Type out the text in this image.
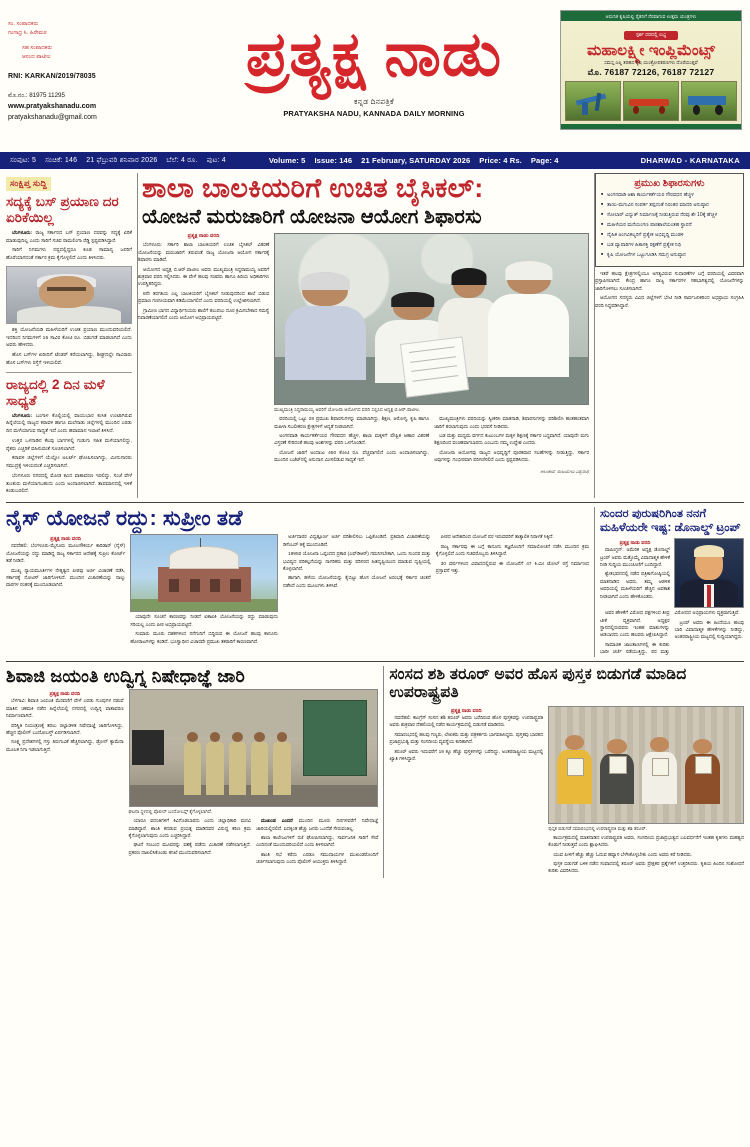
ಸಂ. ಸಂಪಾದಕರು
ಗಂಗಾಧ್ರ ಸಿ. ಹಿರೇಮಠ
ಸಹ ಸಂಪಾದಕರು
ಆನಂದ ಪಾಟೀಲ
RNI: KARKAN/2019/78035
ಮೊ.ನಂ.: 81975 11295
www.pratyakshanadu.com
pratyakshanadu@gmail.com
ಪ್ರತ್ಯಕ್ಷ ನಾಡು
ಕನ್ನಡ ದಿನಪತ್ರಿಕೆ
PRATYAKSHA NADU, KANNADA DAILY MORNING
ಆಧುನಿಕ ಕೃಷಿಯಲ್ಲಿ ರೈತನಿಗೆ ನೆರವಾಗುವ ಉತ್ತಮ ಯಂತ್ರಗಳು
ಸ್ಪರ್ಶ ದರದಲ್ಲಿ ಲಭ್ಯ
ಮಹಾಲಕ್ಷ್ಮೀ ಇಂಪ್ಲಿಮೆಂಟ್ಸ್
ಸಮಸ್ತ ಎಲ್ಲ ತರಹದ ಕೃಷಿ ಯಂತ್ರೋಪಕರಣಗಳು ದೊರೆಯುತ್ತವೆ
ಮೊ. 76187 72126, 76187 72127
ಸಂಪುಟ: 5 ಸಂಚಿಕೆ: 146 21 ಫೆಬ್ರುವರಿ ಶನಿವಾರ 2026 ಬೆಲೆ: 4 ರೂ. ಪುಟ: 4	Volume: 5 Issue: 146 21 February, SATURDAY 2026 Price: 4 Rs. Page: 4	DHARWAD - KARNATAKA
ಸಂಕ್ಷಿಪ್ತ ಸುದ್ದಿ
ಸದ್ಯಕ್ಕೆ ಬಸ್ ಪ್ರಯಾಣ ದರ ಏರಿಕೆಯಿಲ್ಲ

ಬೆಂಗಳೂರು: ರಾಜ್ಯ ಸರ್ಕಾರದ ಬಸ್ ಪ್ರಯಾಣ ದರವನ್ನು ಸದ್ಯಕ್ಕೆ ಏರಿಕೆ ಮಾಡುವುದಿಲ್ಲ ಎಂದು ಸಾರಿಗೆ ಸಚಿವ ರಾಮಲಿಂಗಾ ರೆಡ್ಡಿ ಸ್ಪಷ್ಟಪಡಿಸಿದ್ದಾರೆ.

ಸಾರಿಗೆ ನಿಗಮಗಳು ನಷ್ಟದಲ್ಲಿದ್ದರೂ ಕೂಡ ಸಾಮಾನ್ಯ ಜನರಿಗೆ ಹೊರೆಯಾಗದಂತೆ ಸರ್ಕಾರ ಕ್ರಮ ಕೈಗೊಳ್ಳಲಿದೆ ಎಂದು ತಿಳಿಸಿದರು.

ಶಕ್ತಿ ಯೋಜನೆಯಡಿ ಮಹಿಳೆಯರಿಗೆ ಉಚಿತ ಪ್ರಯಾಣ ಮುಂದುವರಿಯಲಿದೆ. ಇದರಿಂದ ನಿಗಮಗಳಿಗೆ 15 ಸಾವಿರ ಕೋಟಿ ರೂ. ಬಿಡುಗಡೆ ಮಾಡಲಾಗಿದೆ ಎಂದು ಅವರು ಹೇಳಿದರು.

ಹೊಸ ಬಸ್‌ಗಳ ಖರೀದಿಗೆ ಟೆಂಡರ್ ಕರೆಯಲಾಗಿದ್ದು, ಶೀಘ್ರದಲ್ಲೇ ಸಾವಿರಾರು ಹೊಸ ಬಸ್‌ಗಳು ರಸ್ತೆಗೆ ಇಳಿಯಲಿವೆ.

ರಾಜ್ಯದಲ್ಲಿ 2 ದಿನ ಮಳೆ ಸಾಧ್ಯತೆ

ಬೆಂಗಳೂರು: ಬಂಗಾಳ ಕೊಲ್ಲಿಯಲ್ಲಿ ವಾಯುಭಾರ ಕುಸಿತ ಉಂಟಾಗಿರುವ ಹಿನ್ನೆಲೆಯಲ್ಲಿ ರಾಜ್ಯದ ಕರಾವಳಿ ಹಾಗೂ ಮಲೆನಾಡು ಜಿಲ್ಲೆಗಳಲ್ಲಿ ಮುಂದಿನ ಎರಡು ದಿನ ಮಳೆಯಾಗುವ ಸಾಧ್ಯತೆ ಇದೆ ಎಂದು ಹವಾಮಾನ ಇಲಾಖೆ ತಿಳಿಸಿದೆ.

ಉತ್ತರ ಒಳನಾಡಿನ ಕೆಲವು ಭಾಗಗಳಲ್ಲಿ ಗುಡುಗು ಸಹಿತ ಮಳೆಯಾಗಲಿದ್ದು, ರೈತರು ಎಚ್ಚರಿಕೆ ವಹಿಸುವಂತೆ ಸೂಚಿಸಲಾಗಿದೆ.

ಕರಾವಳಿ ಜಿಲ್ಲೆಗಳಿಗೆ ಯೆಲ್ಲೋ ಅಲರ್ಟ್ ಘೋಷಿಸಲಾಗಿದ್ದು, ಮೀನುಗಾರರು ಸಮುದ್ರಕ್ಕೆ ಇಳಿಯದಂತೆ ಎಚ್ಚರಿಸಲಾಗಿದೆ.

ಬೆಂಗಳೂರು ನಗರದಲ್ಲಿ ಮೋಡ ಕವಿದ ವಾತಾವರಣ ಇರಲಿದ್ದು, ಸಂಜೆ ವೇಳೆ ತುಂತುರು ಮಳೆಯಾಗಬಹುದು ಎಂದು ಅಂದಾಜಿಸಲಾಗಿದೆ. ತಾಪಮಾನದಲ್ಲಿ ಇಳಿಕೆ ಕಂಡುಬರಲಿದೆ.

ಶಾಲಾ ಬಾಲಕಿಯರಿಗೆ ಉಚಿತ ಬೈಸಿಕಲ್:
ಯೋಜನೆ ಮರುಜಾರಿಗೆ ಯೋಜನಾ ಆಯೋಗ ಶಿಫಾರಸು
ಪ್ರತ್ಯಕ್ಷ ನಾಡು ವರದಿ

ಬೆಂಗಳೂರು: ಸರ್ಕಾರಿ ಶಾಲಾ ಬಾಲಕಿಯರಿಗೆ ಉಚಿತ ಬೈಸಿಕಲ್ ವಿತರಣೆ ಯೋಜನೆಯನ್ನು ಮರುಜಾರಿಗೆ ತರುವಂತೆ ರಾಜ್ಯ ಯೋಜನಾ ಆಯೋಗ ಸರ್ಕಾರಕ್ಕೆ ಶಿಫಾರಸು ಮಾಡಿದೆ.

ಆಯೋಗದ ಅಧ್ಯಕ್ಷ ಬಿ.ಆರ್.ಪಾಟೀಲ ಅವರು ಮುಖ್ಯಮಂತ್ರಿ ಸಿದ್ದರಾಮಯ್ಯ ಅವರಿಗೆ ಶುಕ್ರವಾರ ವರದಿ ಸಲ್ಲಿಸಿದರು. ಈ ವೇಳೆ ಹಲವು ಸಚಿವರು ಹಾಗೂ ಹಿರಿಯ ಅಧಿಕಾರಿಗಳು ಉಪಸ್ಥಿತರಿದ್ದರು.

8ನೇ ತರಗತಿಯ ಎಲ್ಲ ಬಾಲಕಿಯರಿಗೆ ಬೈಸಿಕಲ್ ನೀಡುವುದರಿಂದ ಶಾಲೆ ಬಿಡುವ ಪ್ರಮಾಣ ಗಣನೀಯವಾಗಿ ಕಡಿಮೆಯಾಗಲಿದೆ ಎಂದು ವರದಿಯಲ್ಲಿ ಉಲ್ಲೇಖಿಸಲಾಗಿದೆ.

ಗ್ರಾಮೀಣ ಭಾಗದ ವಿದ್ಯಾರ್ಥಿನಿಯರು ಶಾಲೆಗೆ ತಲುಪಲು ದೂರ ಕ್ರಮಿಸಬೇಕಾದ ಸಮಸ್ಯೆ ನಿವಾರಣೆಯಾಗಲಿದೆ ಎಂದು ಆಯೋಗ ಅಭಿಪ್ರಾಯಪಟ್ಟಿದೆ.

ಮುಖ್ಯಮಂತ್ರಿ ಸಿದ್ದರಾಮಯ್ಯ ಅವರಿಗೆ ಯೋಜನಾ ಆಯೋಗದ ವರದಿ ಸಲ್ಲಿಸಿದ ಅಧ್ಯಕ್ಷ ಬಿ.ಆರ್.ಪಾಟೀಲ.

ವರದಿಯಲ್ಲಿ ಒಟ್ಟು 28 ಪ್ರಮುಖ ಶಿಫಾರಸುಗಳನ್ನು ಮಾಡಲಾಗಿದ್ದು, ಶಿಕ್ಷಣ, ಆರೋಗ್ಯ, ಕೃಷಿ ಹಾಗೂ ಮಹಿಳಾ ಸಬಲೀಕರಣ ಕ್ಷೇತ್ರಗಳಿಗೆ ಆದ್ಯತೆ ನೀಡಲಾಗಿದೆ.

ಅಂಗನವಾಡಿ ಕಾರ್ಯಕರ್ತೆಯರ ಗೌರವಧನ ಹೆಚ್ಚಳ, ಶಾಲಾ ಮಕ್ಕಳಿಗೆ ಪೌಷ್ಟಿಕ ಆಹಾರ ವಿತರಣೆ ವಿಸ್ತರಣೆ ಸೇರಿದಂತೆ ಹಲವು ಅಂಶಗಳನ್ನು ವರದಿ ಒಳಗೊಂಡಿದೆ.

ಯೋಜನೆ ಜಾರಿಗೆ ಅಂದಾಜು 450 ಕೋಟಿ ರೂ. ವೆಚ್ಚವಾಗಲಿದೆ ಎಂದು ಅಂದಾಜಿಸಲಾಗಿದ್ದು, ಮುಂದಿನ ಬಜೆಟ್‌ನಲ್ಲಿ ಅನುದಾನ ಮೀಸಲಿಡುವ ಸಾಧ್ಯತೆ ಇದೆ.

ಮುಖ್ಯಮಂತ್ರಿಗಳು ವರದಿಯನ್ನು ಸ್ವೀಕರಿಸಿ ಮಾತನಾಡಿ, ಶಿಫಾರಸುಗಳನ್ನು ಪರಿಶೀಲಿಸಿ ಹಂತಹಂತವಾಗಿ ಜಾರಿಗೆ ತರಲಾಗುವುದು ಎಂದು ಭರವಸೆ ನೀಡಿದರು.

ಬಡ ಮತ್ತು ಮಧ್ಯಮ ವರ್ಗದ ಕುಟುಂಬಗಳ ಮಕ್ಕಳ ಶಿಕ್ಷಣಕ್ಕೆ ಸರ್ಕಾರ ಬದ್ಧವಾಗಿದೆ. ಯಾವುದೇ ಮಗು ಶಿಕ್ಷಣದಿಂದ ವಂಚಿತವಾಗಬಾರದು ಎಂಬುದು ನಮ್ಮ ಉದ್ದೇಶ ಎಂದರು.

ಯೋಜನಾ ಆಯೋಗವು ರಾಜ್ಯದ ಅಭಿವೃದ್ಧಿಗೆ ಪೂರಕವಾದ ಸಲಹೆಗಳನ್ನು ನೀಡುತ್ತಿದ್ದು, ಸರ್ಕಾರ ಅವುಗಳನ್ನು ಗಂಭೀರವಾಗಿ ಪರಿಗಣಿಸಲಿದೆ ಎಂದು ಸ್ಪಷ್ಟಪಡಿಸಿದರು.

ಆಲಂಕಾರ: ಸಂಜಯಗಿರಿ ವಿಶ್ವನಾಥ
ಪ್ರಮುಖ ಶಿಫಾರಸುಗಳು
■ ಅಂಗನವಾಡಿ ಆಶಾ ಕಾರ್ಯಕರ್ತೆಯರ ಗೌರವಧನ ಹೆಚ್ಚಳ
■ ತಾಯಿ-ಮಗುವಿನ ಸಂಪರ್ಕ ತಪ್ಪದಂತೆ ನಿರಂತರ ಮಾದರಿ ಅನುಷ್ಠಾನ
■ ಸೋಲಾರ್ ವಿದ್ಯುತ್ ನಿರ್ಮಾಣಕ್ಕೆ ನೀಡುತ್ತಿರುವ ನೆರವು ಶೇ 10ಕ್ಕೆ ಹೆಚ್ಚಳ
■ ಮಹಿಳೆಯರ ಮನೆಯಂಗಣ ಪಾಠಶಾಲೆಯಂತಹ ಸ್ಥಾಪನೆ
■ ದೈಹಿಕ ಅಂಗವಿಕಲ್ಯರಿಗೆ ಪ್ರತ್ಯೇಕ ಅಭಿವೃದ್ಧಿ ಮಂಡಳಿ
■ ಬಡ ವ್ಯಾಪಾರಿಗಳ ಹಿತಾಸಕ್ತಿ ರಕ್ಷಣೆಗೆ ಪ್ರತ್ಯೇಕ ನಿಧಿ
■ ಕೃಷಿ ಯೋಜನೆಗಳ ಒಟ್ಟುಗೂಡಿಸಿ ಸಮಗ್ರ ಅನುಷ್ಠಾನ

ಇತರೆ ಹಲವು ಕ್ಷೇತ್ರಗಳಲ್ಲಿಯೂ ಅಗತ್ಯವಿರುವ ಸುಧಾರಣೆಗಳ ಬಗ್ಗೆ ವರದಿಯಲ್ಲಿ ವಿವರವಾಗಿ ಪ್ರಸ್ತಾಪಿಸಲಾಗಿದೆ. ಕೇಂದ್ರ ಹಾಗೂ ರಾಜ್ಯ ಸರ್ಕಾರಗಳ ಸಹಭಾಗಿತ್ವದಲ್ಲಿ ಯೋಜನೆಗಳನ್ನು ಜಾರಿಗೊಳಿಸಲು ಸೂಚಿಸಲಾಗಿದೆ.

ಆಯೋಗದ ಸದಸ್ಯರು ವಿವಿಧ ಜಿಲ್ಲೆಗಳಿಗೆ ಭೇಟಿ ನೀಡಿ ಸಾರ್ವಜನಿಕರಿಂದ ಅಭಿಪ್ರಾಯ ಸಂಗ್ರಹಿಸಿ ವರದಿ ಸಿದ್ಧಪಡಿಸಿದ್ದಾರೆ.

ನೈಸ್ ಯೋಜನೆ ರದ್ದು: ಸುಪ್ರೀಂ ತಡೆ
ಪ್ರತ್ಯಕ್ಷ ನಾಡು ವರದಿ

ನವದೆಹಲಿ: ಬೆಂಗಳೂರು-ಮೈಸೂರು ಮೂಲಸೌಕರ್ಯ ಕಾರಿಡಾರ್ (ನೈಸ್) ಯೋಜನೆಯನ್ನು ರದ್ದು ಮಾಡಿದ್ದ ರಾಜ್ಯ ಸರ್ಕಾರದ ಆದೇಶಕ್ಕೆ ಸುಪ್ರೀಂ ಕೋರ್ಟ್ ತಡೆ ನೀಡಿದೆ.

ಮುಖ್ಯ ನ್ಯಾಯಮೂರ್ತಿಗಳ ನೇತೃತ್ವದ ಪೀಠವು ಅರ್ಜಿ ವಿಚಾರಣೆ ನಡೆಸಿ, ಸರ್ಕಾರಕ್ಕೆ ನೋಟಿಸ್ ಜಾರಿಗೊಳಿಸಿದೆ. ಮುಂದಿನ ವಿಚಾರಣೆಯನ್ನು ನಾಲ್ಕು ವಾರಗಳ ನಂತರಕ್ಕೆ ಮುಂದೂಡಲಾಗಿದೆ.

ಯಾವುದೇ ಸೂಚನೆ ಕಾರಣವನ್ನು ನೀಡದೆ ಏಕಾಏಕಿ ಯೋಜನೆಯನ್ನು ರದ್ದು ಮಾಡುವುದು ಸರಿಯಲ್ಲ ಎಂದು ಪೀಠ ಅಭಿಪ್ರಾಯಪಟ್ಟಿದೆ.

ಸುಮಾರು ಮೂರು ದಶಕಗಳಿಂದ ನನೆಗುದಿಗೆ ಬಿದ್ದಿರುವ ಈ ಯೋಜನೆ ಹಲವು ಕಾನೂನು ಹೋರಾಟಗಳನ್ನು ಕಂಡಿದೆ. ಭೂಸ್ವಾಧೀನ ವಿಚಾರವೇ ಪ್ರಮುಖ ತಕರಾರಿಗೆ ಕಾರಣವಾಗಿದೆ.

ಅರ್ಜಿದಾರರ ವಿದ್ವತ್ಪೂರ್ಣ ಅರ್ಜಿ ಪರಿಶೀಲಿಸಲು ಒಪ್ಪಿಕೊಂಡಿದೆ. ಪ್ರತಿವಾದಿ ವಿಚಾರಣೆಯನ್ನು ಡಿಸೆಂಬರ್ 9ಕ್ಕೆ ಮುಂದೂಡಿದೆ.

1995ರ ಯೋಜನಾ ಒಪ್ಪಂದದ ಪ್ರಕಾರ (ಎಫ್‌ಡಿಆರ್) ಗಮನಿಸಬೇಕಾಗಿ, ಒಂದು ಸುಂದರ ಮತ್ತು ಭವಿಷ್ಯದ ಪರಿಕಲ್ಪನೆಯನ್ನು ನಾಗರಿಕರು ಮತ್ತು ಪರಿಸರದ ಹಿತದೃಷ್ಟಿಯಿಂದ ಮಾಡುವ ದೃಷ್ಟಿಯಲ್ಲಿ ಕೊಳ್ಳಲಾಗಿದೆ.

ಹಾಗಾಗಿ, ಹಳೆಯ ಯೋಜನೆಯನ್ನು ಕೈಬಿಟ್ಟು ಹೊಸ ಯೋಜನೆ ಅರಂಭಕ್ಕೆ ಸರ್ಕಾರ ಚಿಂತನೆ ನಡೆಸಿದೆ ಎಂದು ಮೂಲಗಳು ತಿಳಿಸಿವೆ.

ಪೀಠದ ಆದೇಶದಿಂದ ಯೋಜನೆ ಪರ ಇರುವವರಿಗೆ ತಾತ್ಕಾಲಿಕ ನಿರಾಳತೆ ಸಿಕ್ಕಿದೆ.

ರಾಜ್ಯ ಸರ್ಕಾರವು ಈ ಬಗ್ಗೆ ಕಾನೂನು ತಜ್ಞರೊಂದಿಗೆ ಸಮಾಲೋಚನೆ ನಡೆಸಿ ಮುಂದಿನ ಕ್ರಮ ಕೈಗೊಳ್ಳಲಿದೆ ಎಂದು ಸಚಿವರೊಬ್ಬರು ತಿಳಿಸಿದ್ದಾರೆ.

30 ವರ್ಷಗಳಿಂದ ವಿವಾದದಲ್ಲಿರುವ ಈ ಯೋಜನೆಗೆ 47 ಕಿ.ಮೀ ಟೋಲ್ ರಸ್ತೆ ನಿರ್ಮಾಣದ ಪ್ರಸ್ತಾವನೆ ಇತ್ತು.

ಸುಂದರ ಪುರುಷರಿಗಿಂತ ನನಗೆ ಮಹಿಳೆಯರೇ ಇಷ್ಟ: ಡೊನಾಲ್ಡ್ ಟ್ರಂಪ್
ಪ್ರತ್ಯಕ್ಷ ನಾಡು ವರದಿ

ವಾಷಿಂಗ್ಟನ್: ಅಮೆರಿಕ ಅಧ್ಯಕ್ಷ ಡೊನಾಲ್ಡ್ ಟ್ರಂಪ್ ಅವರು ಮತ್ತೊಮ್ಮೆ ವಿವಾದಾತ್ಮಕ ಹೇಳಿಕೆ ನೀಡಿ ಸುದ್ದಿಯ ಮುಂಚೂಣಿಗೆ ಬಂದಿದ್ದಾರೆ.

ಶ್ವೇತಭವನದಲ್ಲಿ ನಡೆದ ಪತ್ರಿಕಾಗೋಷ್ಠಿಯಲ್ಲಿ ಮಾತನಾಡಿದ ಅವರು, ತಮ್ಮ ಆಡಳಿತ ಅವಧಿಯಲ್ಲಿ ಮಹಿಳೆಯರಿಗೆ ಹೆಚ್ಚಿನ ಅವಕಾಶ ನೀಡಲಾಗಿದೆ ಎಂದು ಹೇಳಿಕೊಂಡರು.

ಅವರ ಹೇಳಿಕೆಗೆ ವಿರೋಧ ಪಕ್ಷಗಳಿಂದ ತೀವ್ರ ಟೀಕೆ ವ್ಯಕ್ತವಾಗಿದೆ. ಅಧ್ಯಕ್ಷರ ಸ್ಥಾನದಲ್ಲಿರುವವರು ಇಂತಹ ಮಾತುಗಳನ್ನು ಆಡಬಾರದು ಎಂದು ಹಲವರು ಆಕ್ಷೇಪಿಸಿದ್ದಾರೆ.

ಸಾಮಾಜಿಕ ಜಾಲತಾಣಗಳಲ್ಲಿ ಈ ಕುರಿತು ಭಾರೀ ಚರ್ಚೆ ನಡೆಯುತ್ತಿದ್ದು, ಪರ ಮತ್ತು ವಿರೋಧದ ಅಭಿಪ್ರಾಯಗಳು ವ್ಯಕ್ತವಾಗುತ್ತಿವೆ.

ಟ್ರಂಪ್ ಅವರು ಈ ಹಿಂದೆಯೂ ಹಲವು ಬಾರಿ ವಿವಾದಾತ್ಮಕ ಹೇಳಿಕೆಗಳನ್ನು ನೀಡಿದ್ದು, ಅಂತರರಾಷ್ಟ್ರೀಯ ಮಟ್ಟದಲ್ಲಿ ಸುದ್ದಿಯಾಗಿದ್ದರು.

ಶಿವಾಜಿ ಜಯಂತಿ ಉದ್ವಿಗ್ನ ನಿಷೇಧಾಜ್ಞೆ ಜಾರಿ
ಪ್ರತ್ಯಕ್ಷ ನಾಡು ವರದಿ

ಬೆಳಗಾವಿ: ಶಿವಾಜಿ ಜಯಂತಿ ಮೆರವಣಿಗೆ ವೇಳೆ ಎರಡು ಗುಂಪುಗಳ ನಡುವೆ ಮಾತಿನ ಚಕಮಕಿ ನಡೆದ ಹಿನ್ನೆಲೆಯಲ್ಲಿ ನಗರದಲ್ಲಿ ಉದ್ವಿಗ್ನ ವಾತಾವರಣ ನಿರ್ಮಾಣವಾಗಿದೆ.

ಪರಿಸ್ಥಿತಿ ನಿಯಂತ್ರಣಕ್ಕೆ ತರಲು ಜಿಲ್ಲಾಡಳಿತ ನಿಷೇಧಾಜ್ಞೆ ಜಾರಿಗೊಳಿಸಿದ್ದು, ಹೆಚ್ಚಿನ ಪೊಲೀಸ್ ಬಂದೋಬಸ್ತ್ ಏರ್ಪಡಿಸಲಾಗಿದೆ.

ಸೂಕ್ಷ್ಮ ಪ್ರದೇಶಗಳಲ್ಲಿ ಗಸ್ತು ತಿರುಗುವಿಕೆ ಹೆಚ್ಚಿಸಲಾಗಿದ್ದು, ಡ್ರೋನ್ ಕ್ಯಾಮೆರಾ ಮೂಲಕ ನಿಗಾ ಇಡಲಾಗುತ್ತಿದೆ.

ಘಟನಾ ಸ್ಥಳದಲ್ಲಿ ಪೊಲೀಸ್ ಬಂದೋಬಸ್ತ್ ಕೈಗೊಳ್ಳಲಾಗಿದೆ.

ಯಾರೂ ವದಂತಿಗಳಿಗೆ ಕಿವಿಗೊಡಬಾರದು ಎಂದು ಜಿಲ್ಲಾಧಿಕಾರಿ ಮನವಿ ಮಾಡಿದ್ದಾರೆ. ಶಾಂತಿ ಕದಡುವ ಪ್ರಯತ್ನ ಮಾಡಿದವರ ವಿರುದ್ಧ ಕಠಿಣ ಕ್ರಮ ಕೈಗೊಳ್ಳಲಾಗುವುದು ಎಂದು ಎಚ್ಚರಿಸಿದ್ದಾರೆ.

ಘಟನೆ ಸಂಬಂಧ ಮೂವರನ್ನು ವಶಕ್ಕೆ ಪಡೆದು ವಿಚಾರಣೆ ನಡೆಸಲಾಗುತ್ತಿದೆ. ಪ್ರಕರಣ ದಾಖಲಿಸಿಕೊಂಡು ತನಿಖೆ ಮುಂದುವರಿಸಲಾಗಿದೆ.

ಮುಖಂಡ ಎಂದರೆ ಮುಂದಿನ ಮೂರು ದಿನಗಳವರೆಗೆ ನಿಷೇಧಾಜ್ಞೆ ಜಾರಿಯಲ್ಲಿರಲಿದೆ. ಐದಕ್ಕಿಂತ ಹೆಚ್ಚು ಜನರು ಒಂದೆಡೆ ಸೇರುವಂತಿಲ್ಲ.

ಶಾಲಾ ಕಾಲೇಜುಗಳಿಗೆ ರಜೆ ಘೋಷಿಸಲಾಗಿದ್ದು, ಸಾರ್ವಜನಿಕ ಸಾರಿಗೆ ಸೇವೆ ಎಂದಿನಂತೆ ಮುಂದುವರಿಯಲಿದೆ ಎಂದು ತಿಳಿಸಲಾಗಿದೆ.

ಶಾಂತಿ ಸಭೆ ಕರೆದು ಎರಡೂ ಸಮುದಾಯಗಳ ಮುಖಂಡರೊಂದಿಗೆ ಚರ್ಚಿಸಲಾಗುವುದು ಎಂದು ಪೊಲೀಸ್ ಆಯುಕ್ತರು ತಿಳಿಸಿದ್ದಾರೆ.

ಸಂಸದ ಶಶಿ ತರೂರ್ ಅವರ ಹೊಸ ಪುಸ್ತಕ ಬಿಡುಗಡೆ ಮಾಡಿದ ಉಪರಾಷ್ಟ್ರಪತಿ
ಪ್ರತ್ಯಕ್ಷ ನಾಡು ವರದಿ

ನವದೆಹಲಿ: ಕಾಂಗ್ರೆಸ್ ಸಂಸದ ಶಶಿ ತರೂರ್ ಅವರು ಬರೆದಿರುವ ಹೊಸ ಪುಸ್ತಕವನ್ನು ಉಪರಾಷ್ಟ್ರಪತಿ ಅವರು ಶುಕ್ರವಾರ ದೆಹಲಿಯಲ್ಲಿ ನಡೆದ ಕಾರ್ಯಕ್ರಮದಲ್ಲಿ ಬಿಡುಗಡೆ ಮಾಡಿದರು.

ಸಮಾರಂಭದಲ್ಲಿ ಹಲವು ಗಣ್ಯರು, ಲೇಖಕರು ಮತ್ತು ಪತ್ರಕರ್ತರು ಭಾಗವಹಿಸಿದ್ದರು. ಪುಸ್ತಕವು ಭಾರತದ ಪ್ರಜಾಪ್ರಭುತ್ವ ಮತ್ತು ಸಂಸದೀಯ ವ್ಯವಸ್ಥೆಯ ಕುರಿತಾಗಿದೆ.

ತರೂರ್ ಅವರು ಇದುವರೆಗೆ 19 ಕ್ಕೂ ಹೆಚ್ಚು ಪುಸ್ತಕಗಳನ್ನು ಬರೆದಿದ್ದು, ಅಂತರರಾಷ್ಟ್ರೀಯ ಮಟ್ಟದಲ್ಲಿ ಖ್ಯಾತಿ ಗಳಿಸಿದ್ದಾರೆ.

ಪುಸ್ತಕ ಬಿಡುಗಡೆ ಸಮಾರಂಭದಲ್ಲಿ ಉಪರಾಷ್ಟ್ರಪತಿ ಮತ್ತು ಶಶಿ ತರೂರ್.

ಕಾರ್ಯಕ್ರಮದಲ್ಲಿ ಮಾತನಾಡಿದ ಉಪರಾಷ್ಟ್ರಪತಿ ಅವರು, ಸಂಸದೀಯ ಪ್ರಜಾಪ್ರಭುತ್ವದ ಬಲವರ್ಧನೆಗೆ ಇಂತಹ ಕೃತಿಗಳು ಮಹತ್ವದ ಕೊಡುಗೆ ನೀಡುತ್ತವೆ ಎಂದು ಶ್ಲಾಘಿಸಿದರು.

ಯುವ ಪೀಳಿಗೆ ಹೆಚ್ಚು ಹೆಚ್ಚು ಓದುವ ಹವ್ಯಾಸ ಬೆಳೆಸಿಕೊಳ್ಳಬೇಕು ಎಂದು ಅವರು ಕರೆ ನೀಡಿದರು.

ಪುಸ್ತಕ ಬಿಡುಗಡೆ ಬಳಿಕ ನಡೆದ ಸಂವಾದದಲ್ಲಿ ತರೂರ್ ಅವರು ಪ್ರೇಕ್ಷಕರ ಪ್ರಶ್ನೆಗಳಿಗೆ ಉತ್ತರಿಸಿದರು. ಕೃತಿಯ ಹಿಂದಿನ ಸಂಶೋಧನೆ ಕುರಿತು ವಿವರಿಸಿದರು.
